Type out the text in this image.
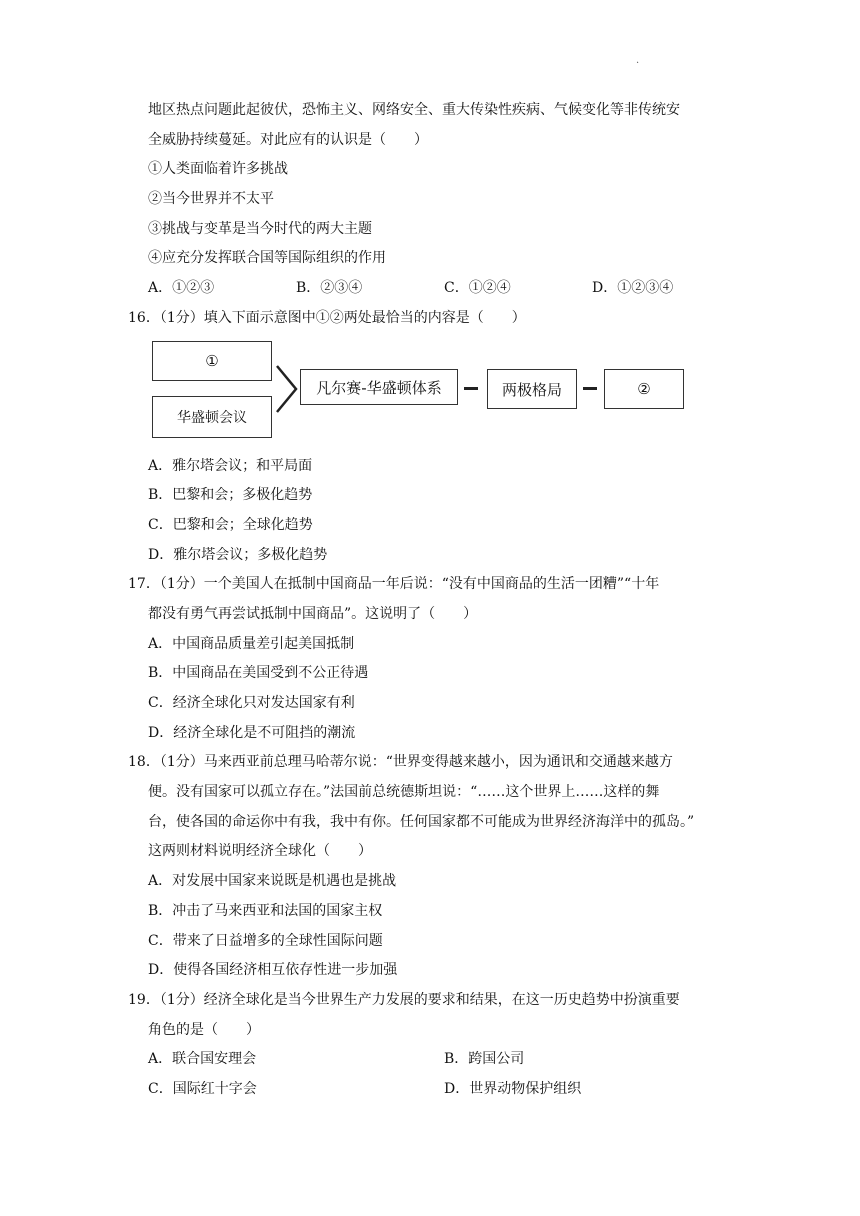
·
地区热点问题此起彼伏，恐怖主义、网络安全、重大传染性疾病、气候变化等非传统安
全威胁持续蔓延。对此应有的认识是（　　）
①人类面临着许多挑战
②当今世界并不太平
③挑战与变革是当今时代的两大主题
④应充分发挥联合国等国际组织的作用
A．①②③	B．②③④	C．①②④	D．①②③④
16．（1分）填入下面示意图中①②两处最恰当的内容是（　　）
A．雅尔塔会议；和平局面
B．巴黎和会；多极化趋势
C．巴黎和会；全球化趋势
D．雅尔塔会议；多极化趋势
17．（1分）一个美国人在抵制中国商品一年后说：“没有中国商品的生活一团糟”“十年
都没有勇气再尝试抵制中国商品”。这说明了（　　）
A．中国商品质量差引起美国抵制
B．中国商品在美国受到不公正待遇
C．经济全球化只对发达国家有利
D．经济全球化是不可阻挡的潮流
18．（1分）马来西亚前总理马哈蒂尔说：“世界变得越来越小，因为通讯和交通越来越方
便。没有国家可以孤立存在。”法国前总统德斯坦说：“……这个世界上……这样的舞
台，使各国的命运你中有我，我中有你。任何国家都不可能成为世界经济海洋中的孤岛。”
这两则材料说明经济全球化（　　）
A．对发展中国家来说既是机遇也是挑战
B．冲击了马来西亚和法国的国家主权
C．带来了日益增多的全球性国际问题
D．使得各国经济相互依存性进一步加强
19．（1分）经济全球化是当今世界生产力发展的要求和结果，在这一历史趋势中扮演重要
角色的是（　　）
A．联合国安理会	B．跨国公司
C．国际红十字会	D．世界动物保护组织
①
华盛顿会议
凡尔赛-华盛顿体系	两极格局	②
